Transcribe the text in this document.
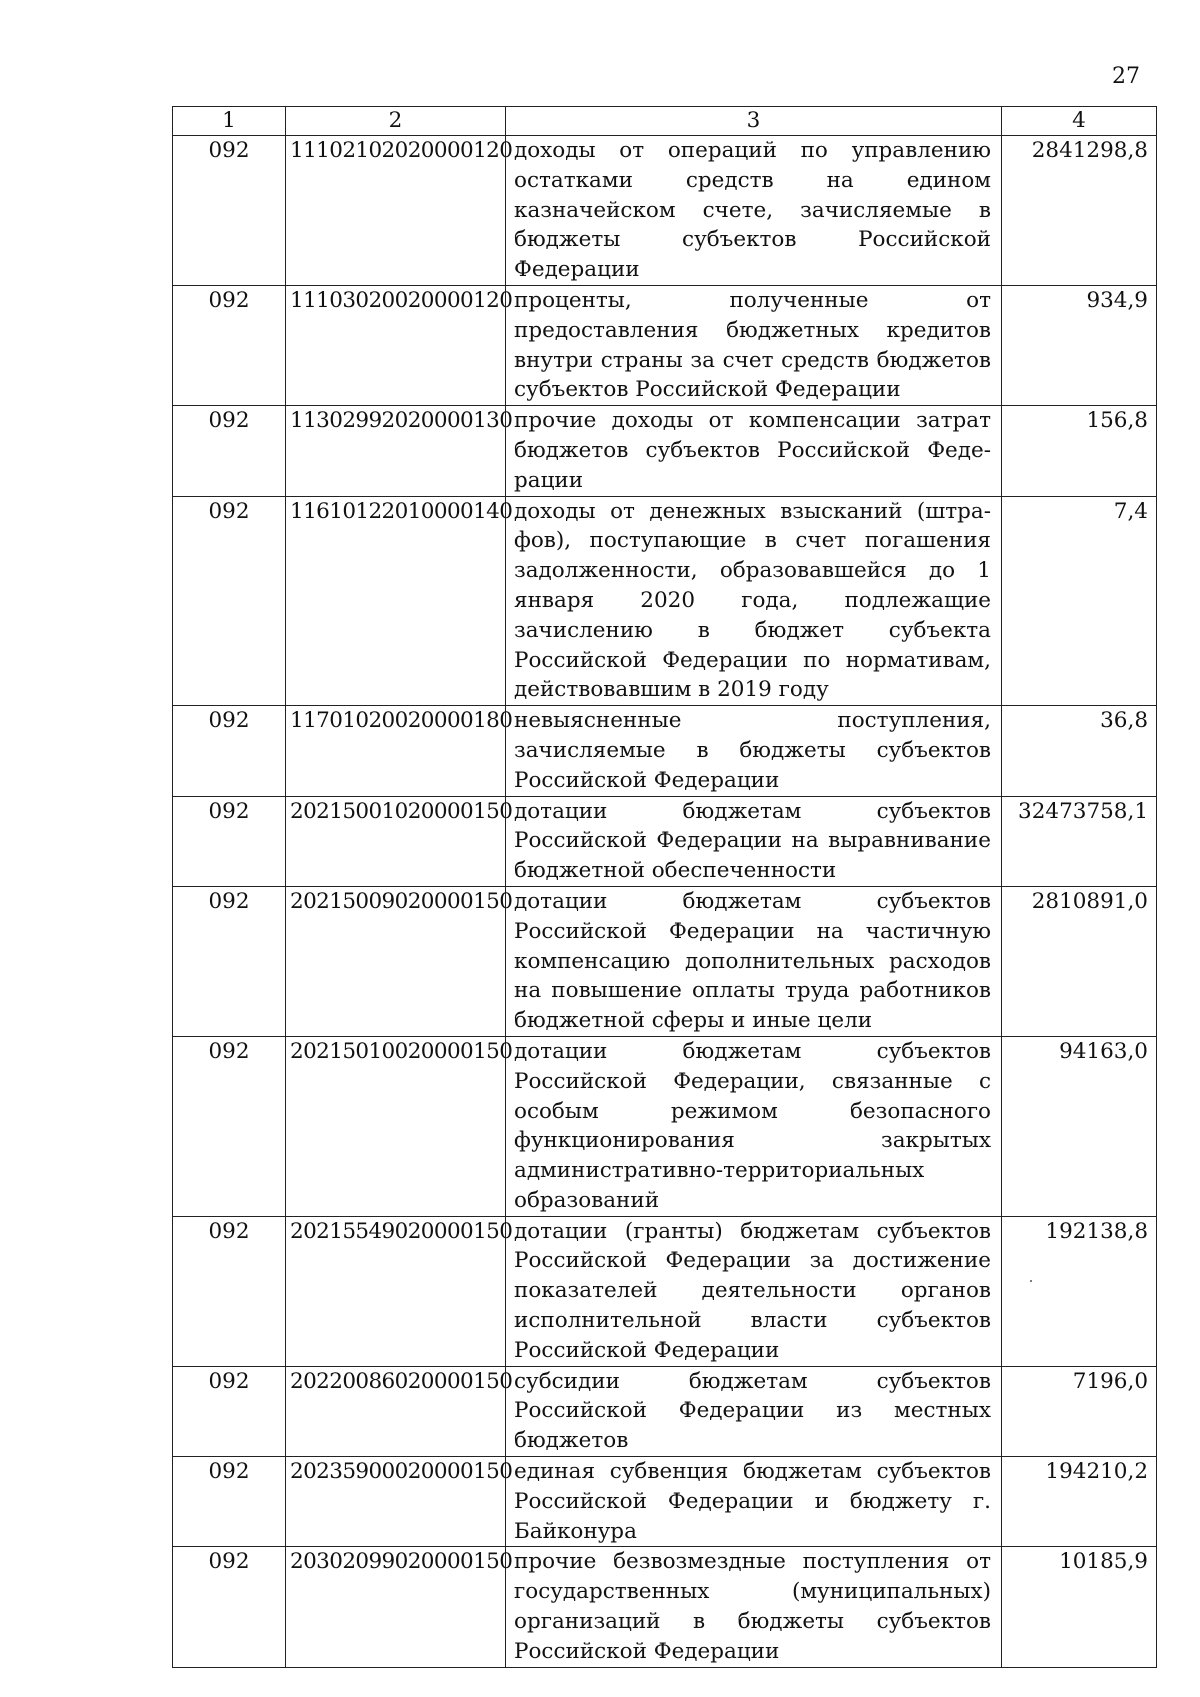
27
1	2	3	4
092	11102102020000120	доходы от операций по управлению остатками средств на едином казначейском счете, зачисляемые в бюджеты субъектов Российской Федерации	2841298,8
092	11103020020000120	проценты, полученные от предоставления бюджетных кредитов внутри страны за счет средств бюджетов субъектов Российской Федерации	934,9
092	11302992020000130	прочие доходы от компенсации затрат бюджетов субъектов Российской Федерации	156,8
092	11610122010000140	доходы от денежных взысканий (штрафов), поступающие в счет погашения задолженности, образовавшейся до 1 января 2020 года, подлежащие зачислению в бюджет субъекта Российской Федерации по нормативам, действовавшим в 2019 году	7,4
092	11701020020000180	невыясненные поступления, зачисляемые в бюджеты субъектов Российской Федерации	36,8
092	20215001020000150	дотации бюджетам субъектов Российской Федерации на выравнивание бюджетной обеспеченности	32473758,1
092	20215009020000150	дотации бюджетам субъектов Российской Федерации на частичную компенсацию дополнительных расходов на повышение оплаты труда работников бюджетной сферы и иные цели	2810891,0
092	20215010020000150	дотации бюджетам субъектов Российской Федерации, связанные с особым режимом безопасного функционирования закрытых административно-территориальных образований	94163,0
092	20215549020000150	дотации (гранты) бюджетам субъектов Российской Федерации за достижение показателей деятельности органов исполнительной власти субъектов Российской Федерации	192138,8
092	20220086020000150	субсидии бюджетам субъектов Российской Федерации из местных бюджетов	7196,0
092	20235900020000150	единая субвенция бюджетам субъектов Российской Федерации и бюджету г. Байконура	194210,2
092	20302099020000150	прочие безвозмездные поступления от государственных (муниципальных) организаций в бюджеты субъектов Российской Федерации	10185,9
